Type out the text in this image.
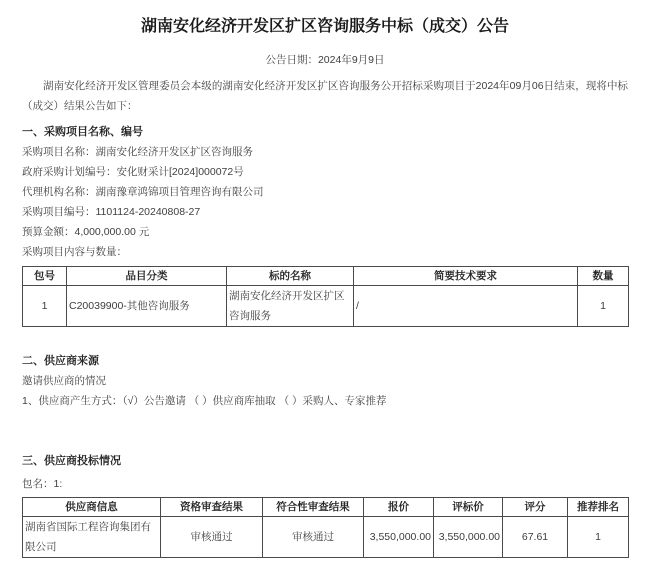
湖南安化经济开发区扩区咨询服务中标（成交）公告
公告日期：2024年9月9日

湖南安化经济开发区管理委员会本级的湖南安化经济开发区扩区咨询服务公开招标采购项目于2024年09月06日结束，现将中标（成交）结果公告如下：

一、采购项目名称、编号

采购项目名称：湖南安化经济开发区扩区咨询服务

政府采购计划编号：安化财采计[2024]000072号

代理机构名称：湖南豫章鸿锦项目管理咨询有限公司

采购项目编号：1101124-20240808-27

预算金额：4,000,000.00 元

采购项目内容与数量：

包号	品目分类	标的名称	简要技术要求	数量
1	C20039900-其他咨询服务	湖南安化经济开发区扩区咨询服务	/	1
二、供应商来源

邀请供应商的情况

1、供应商产生方式：（√）公告邀请 （ ）供应商库抽取 （ ）采购人、专家推荐

三、供应商投标情况

包名：1:

供应商信息	资格审查结果	符合性审查结果	报价	评标价	评分	推荐排名
湖南省国际工程咨询集团有限公司	审核通过	审核通过	3,550,000.00	3,550,000.00	67.61	1
